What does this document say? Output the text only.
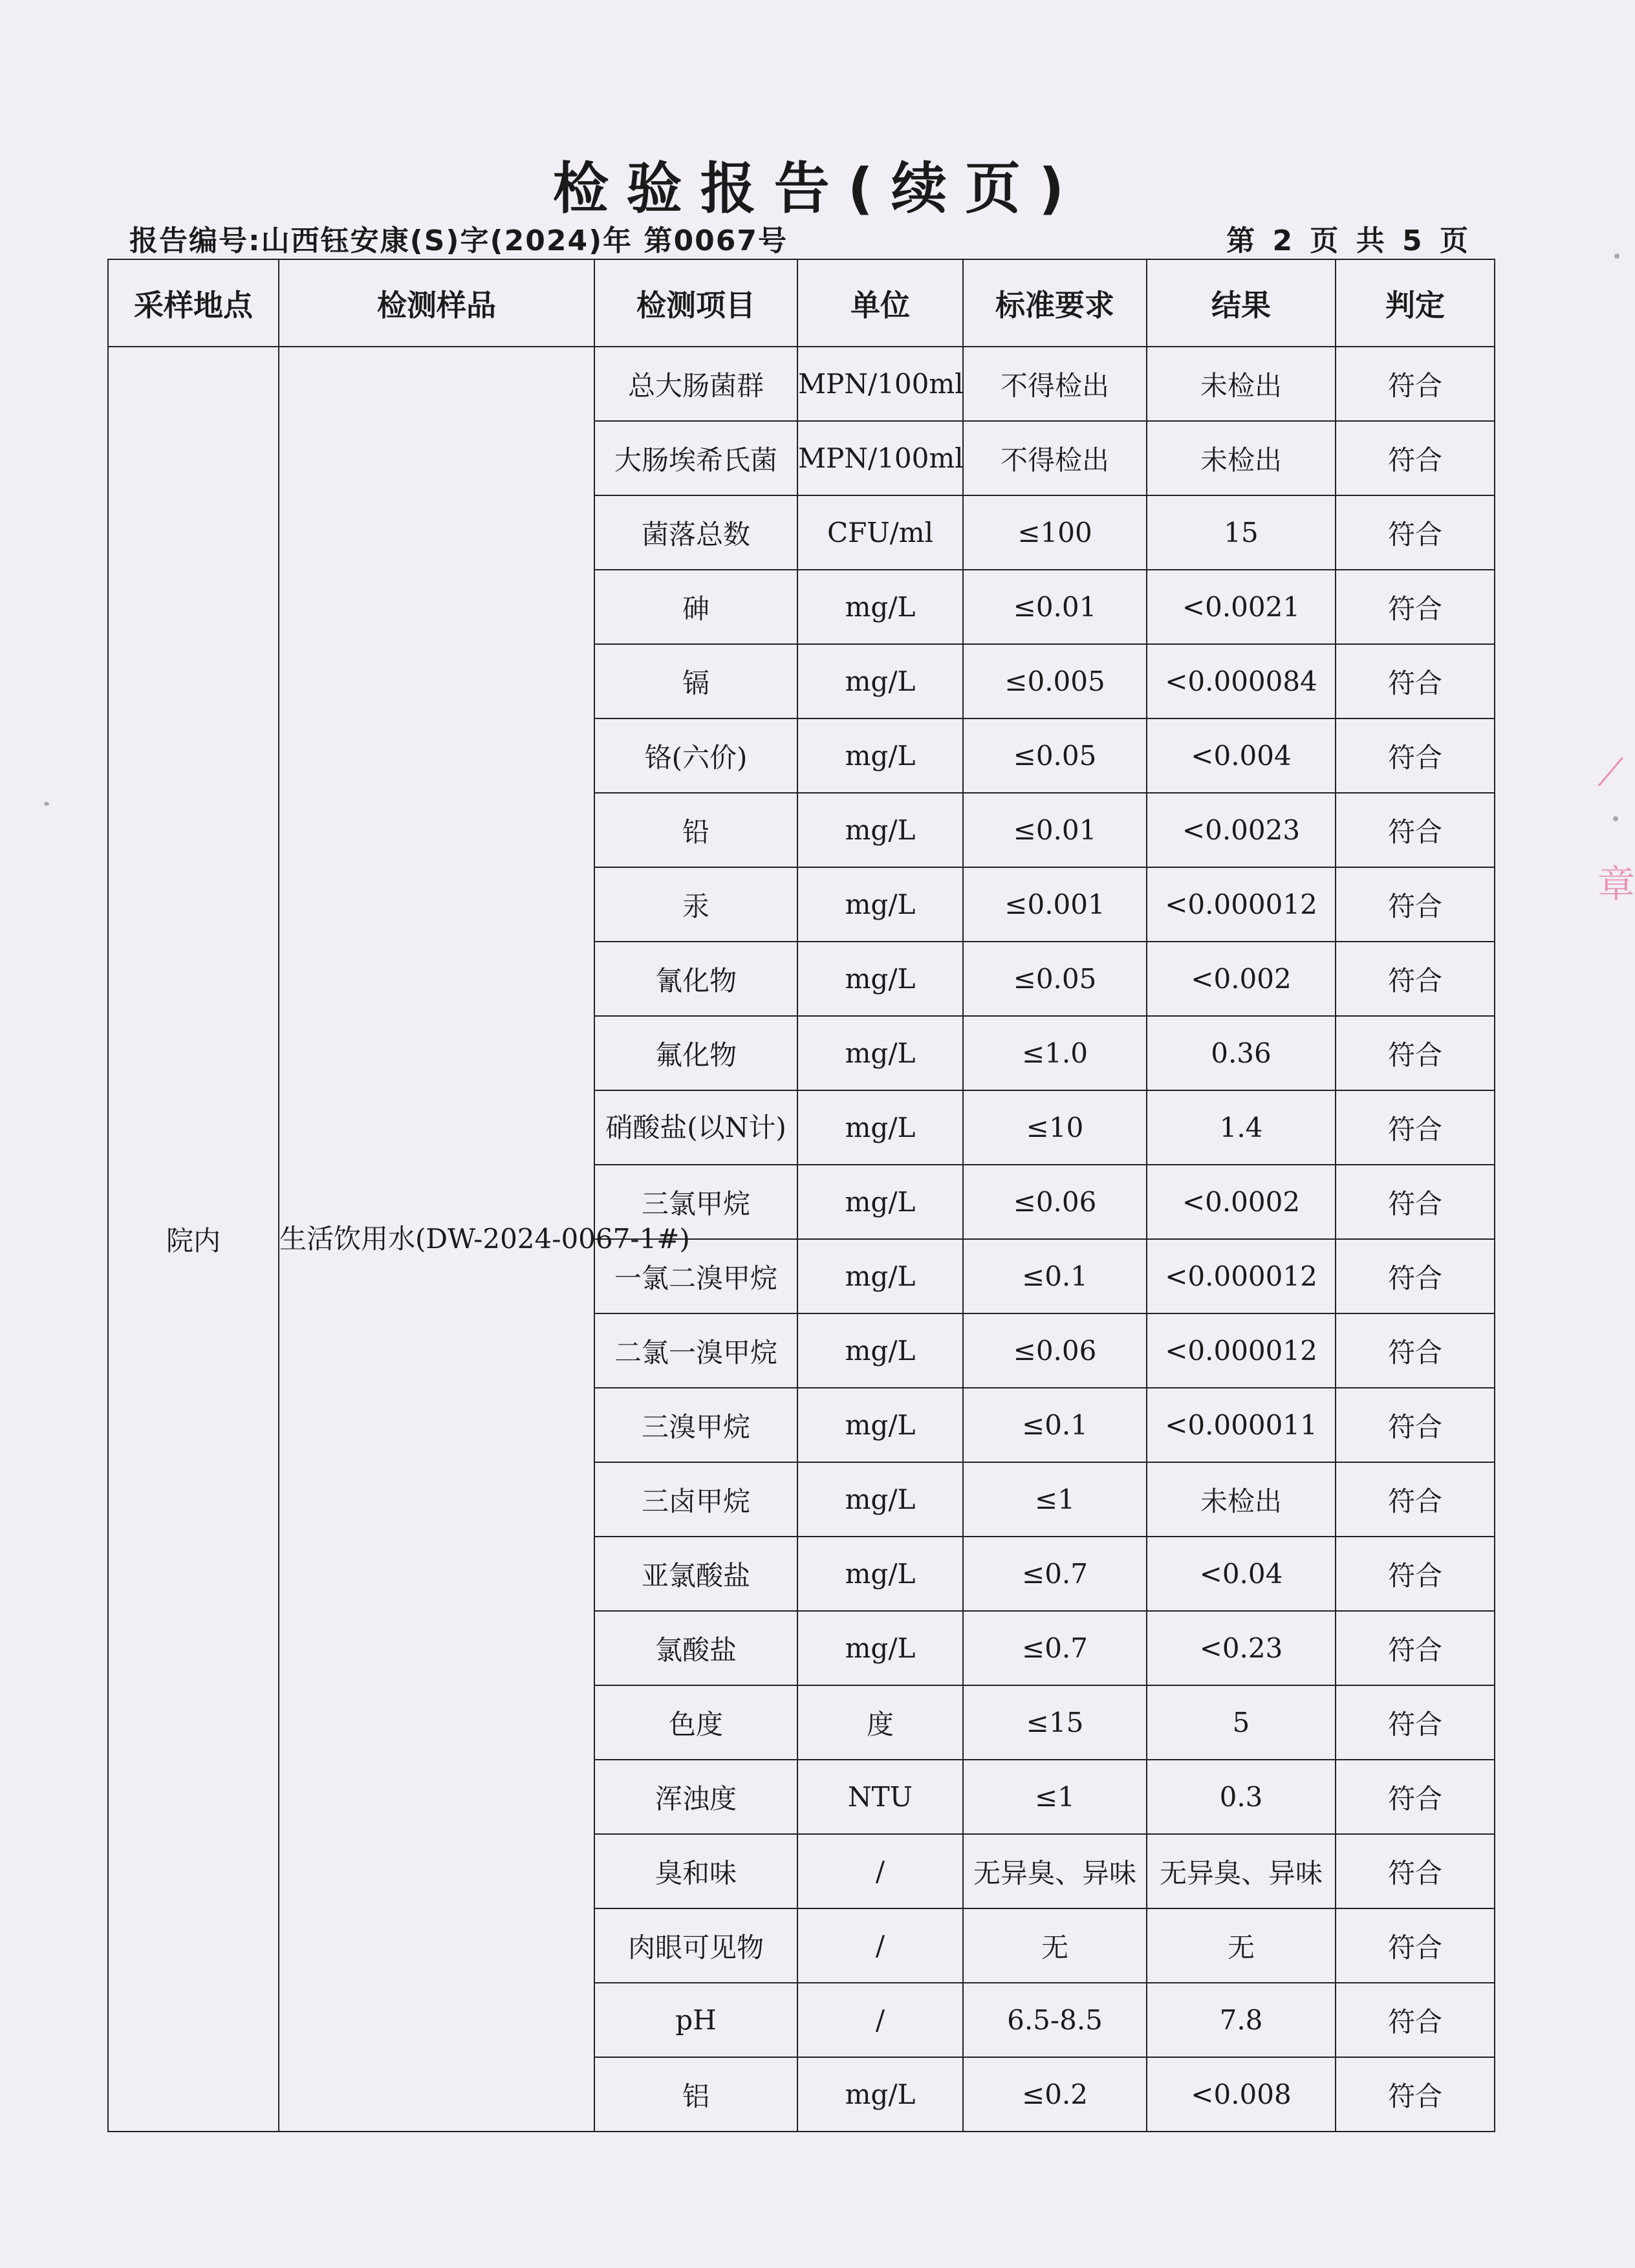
检验报告(续页)
报告编号:山西钰安康(S)字(2024)年 第0067号	第 2 页 共 5 页
采样地点	检测样品	检测项目	单位	标准要求	结果	判定
院内	生活饮用水(DW-2024-0067-1#)	总大肠菌群	MPN/100ml	不得检出	未检出	符合
		大肠埃希氏菌	MPN/100ml	不得检出	未检出	符合
		菌落总数	CFU/ml	≤100	15	符合
		砷	mg/L	≤0.01	<0.0021	符合
		镉	mg/L	≤0.005	<0.000084	符合
		铬(六价)	mg/L	≤0.05	<0.004	符合
		铅	mg/L	≤0.01	<0.0023	符合
		汞	mg/L	≤0.001	<0.000012	符合
		氰化物	mg/L	≤0.05	<0.002	符合
		氟化物	mg/L	≤1.0	0.36	符合
		硝酸盐(以N计)	mg/L	≤10	1.4	符合
		三氯甲烷	mg/L	≤0.06	<0.0002	符合
		一氯二溴甲烷	mg/L	≤0.1	<0.000012	符合
		二氯一溴甲烷	mg/L	≤0.06	<0.000012	符合
		三溴甲烷	mg/L	≤0.1	<0.000011	符合
		三卤甲烷	mg/L	≤1	未检出	符合
		亚氯酸盐	mg/L	≤0.7	<0.04	符合
		氯酸盐	mg/L	≤0.7	<0.23	符合
		色度	度	≤15	5	符合
		浑浊度	NTU	≤1	0.3	符合
		臭和味	/	无异臭、异味	无异臭、异味	符合
		肉眼可见物	/	无	无	符合
		pH	/	6.5-8.5	7.8	符合
		铝	mg/L	≤0.2	<0.008	符合
⟋
章
